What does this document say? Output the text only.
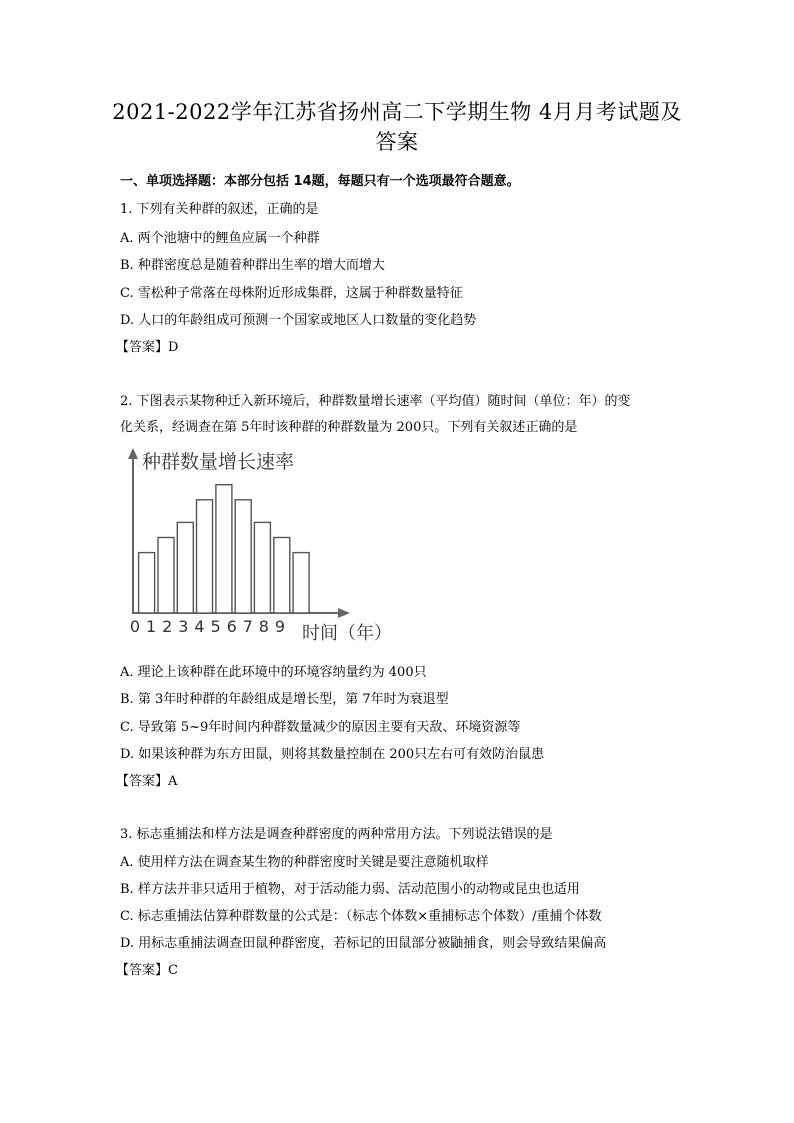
2021-2022学年江苏省扬州高二下学期生物 4月月考试题及
答案
一、单项选择题：本部分包括 14题，每题只有一个选项最符合题意。
1. 下列有关种群的叙述，正确的是
A. 两个池塘中的鲤鱼应属一个种群
B. 种群密度总是随着种群出生率的增大而增大
C. 雪松种子常落在母株附近形成集群，这属于种群数量特征
D. 人口的年龄组成可预测一个国家或地区人口数量的变化趋势
【答案】D
2. 下图表示某物种迁入新环境后，种群数量增长速率（平均值）随时间（单位：年）的变
化关系，经调查在第 5年时该种群的种群数量为 200只。下列有关叙述正确的是
种群数量增长速率
时间（年）
0 1 2 3 4 5 6 7 8 9
A. 理论上该种群在此环境中的环境容纳量约为 400只
B. 第 3年时种群的年龄组成是增长型，第 7年时为衰退型
C. 导致第 5~9年时间内种群数量减少的原因主要有天敌、环境资源等
D. 如果该种群为东方田鼠，则将其数量控制在 200只左右可有效防治鼠患
【答案】A
3. 标志重捕法和样方法是调查种群密度的两种常用方法。下列说法错误的是
A. 使用样方法在调查某生物的种群密度时关键是要注意随机取样
B. 样方法并非只适用于植物，对于活动能力弱、活动范围小的动物或昆虫也适用
C. 标志重捕法估算种群数量的公式是：（标志个体数×重捕标志个体数）/重捕个体数
D. 用标志重捕法调查田鼠种群密度，若标记的田鼠部分被鼬捕食，则会导致结果偏高
【答案】C
